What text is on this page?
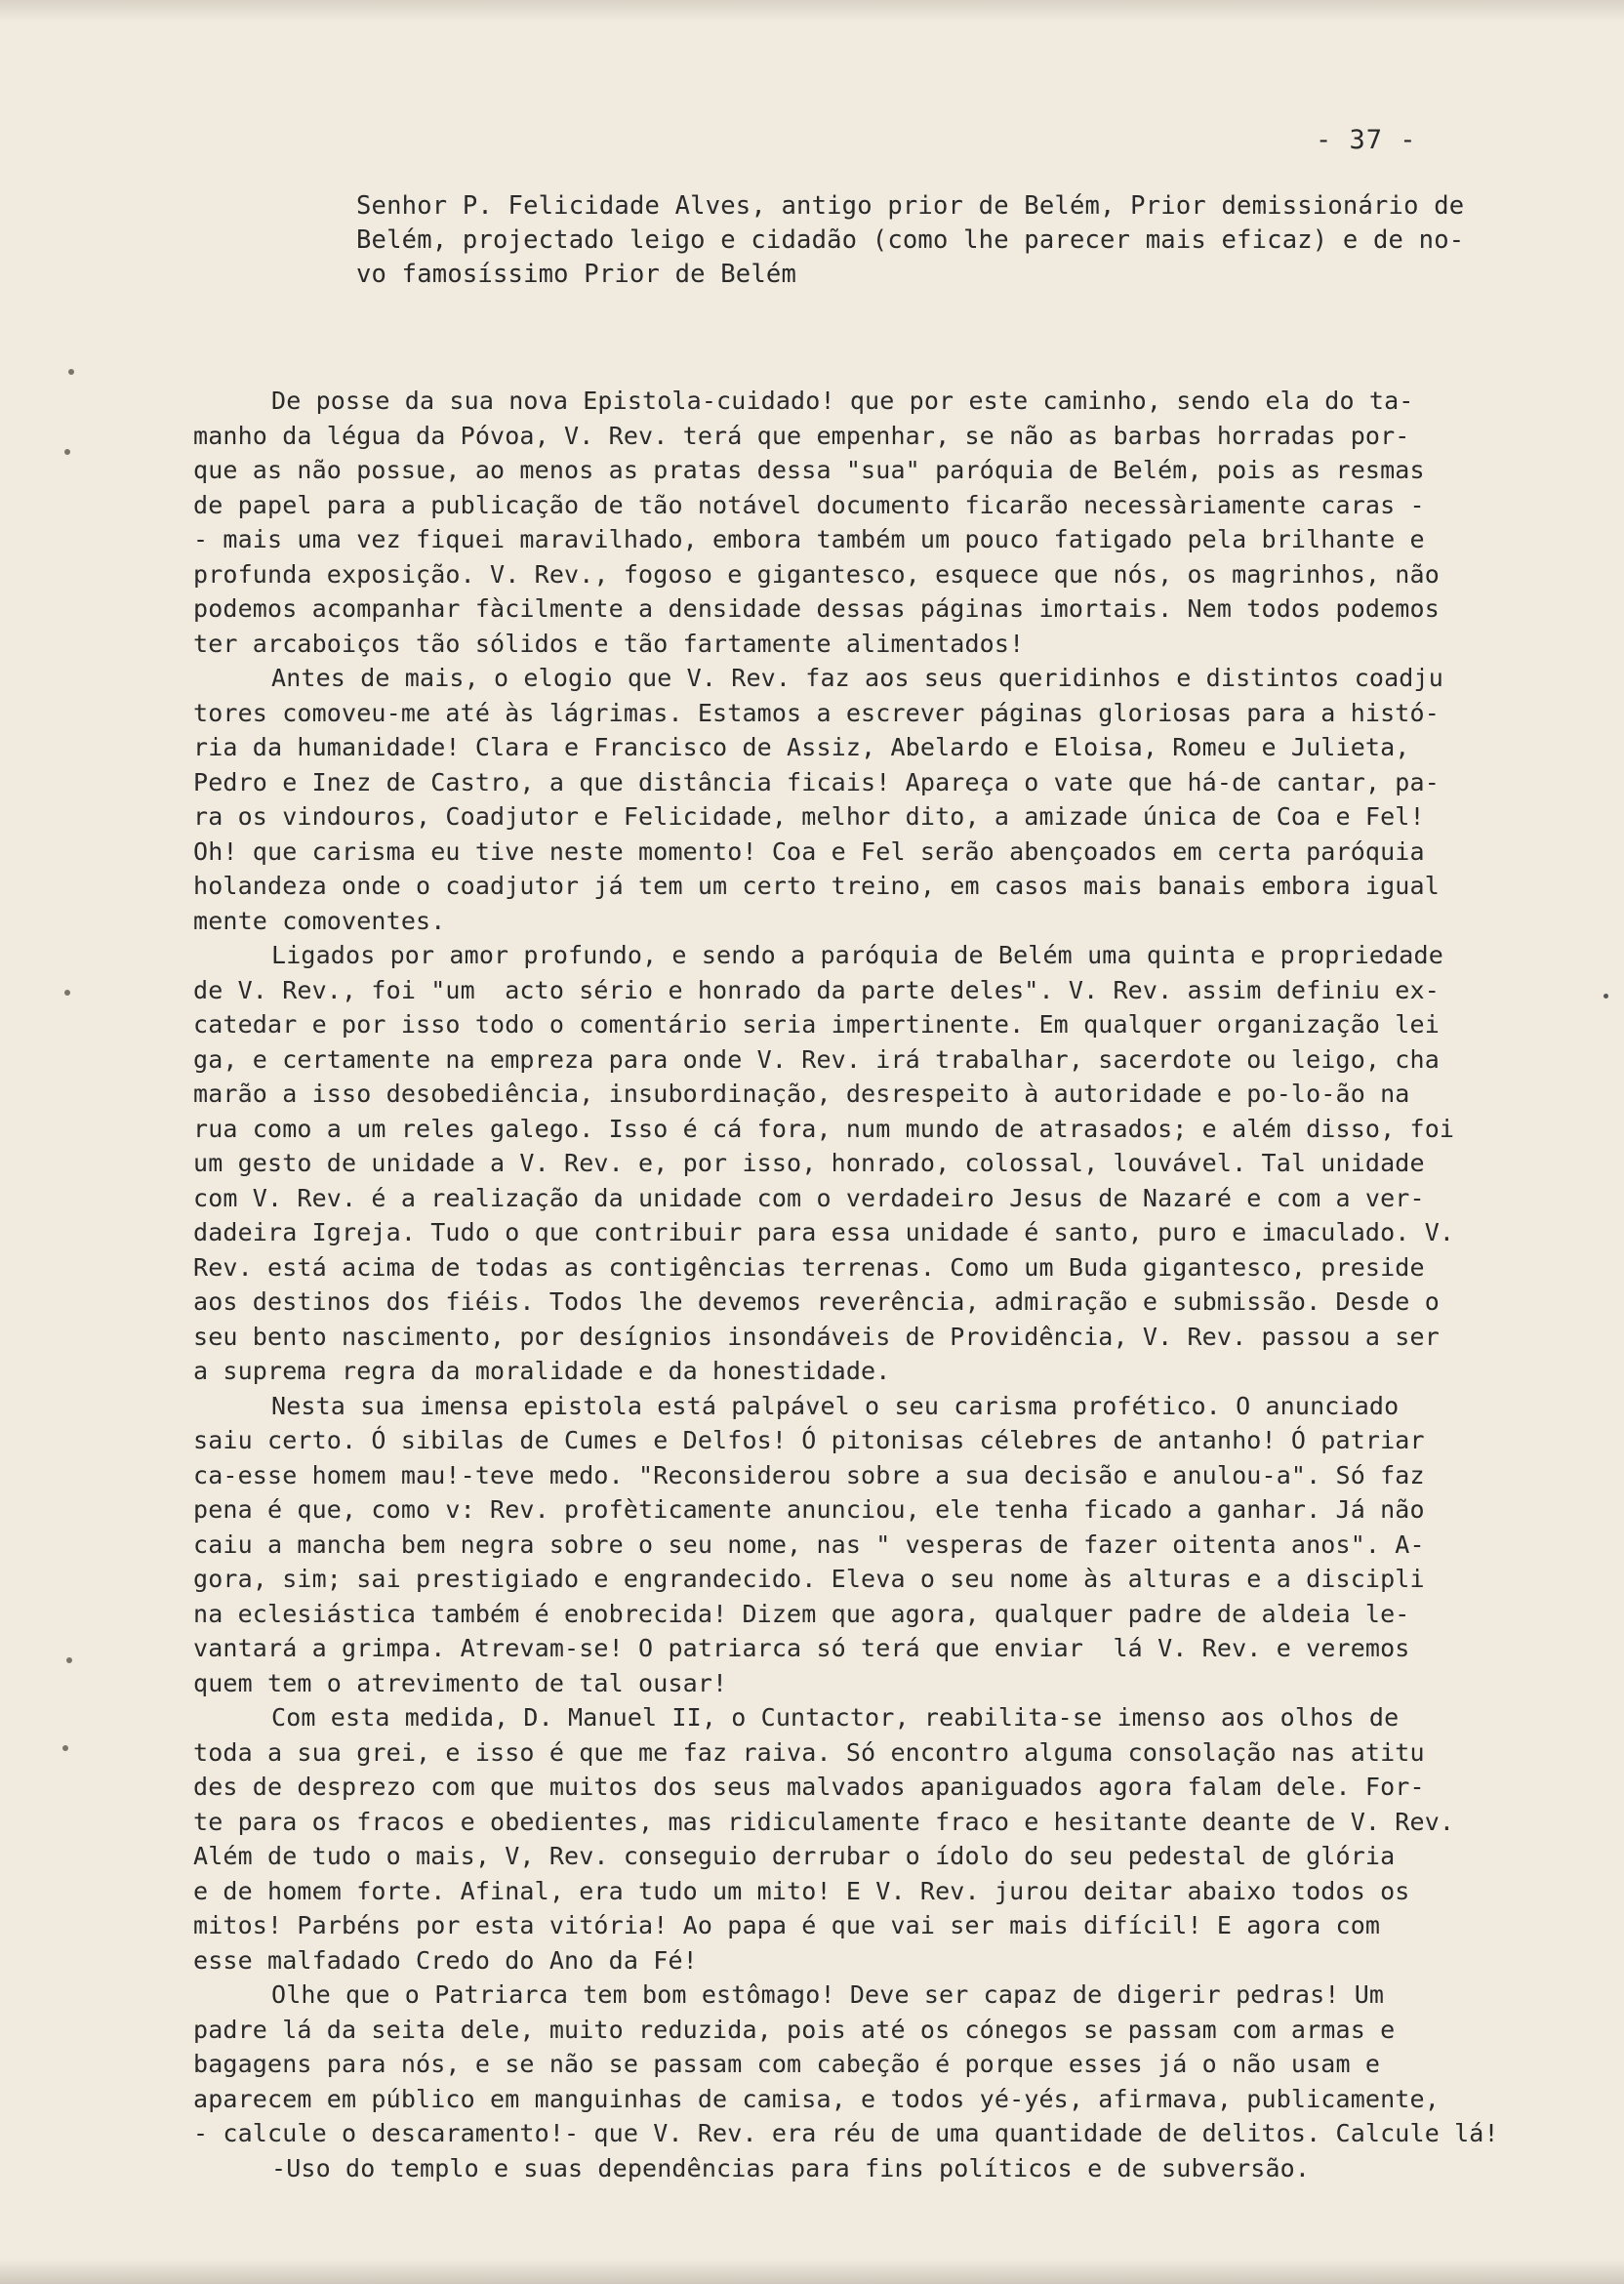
- 37 -
Senhor P. Felicidade Alves, antigo prior de Belém, Prior demissionário de
Belém, projectado leigo e cidadão (como lhe parecer mais eficaz) e de no-
vo famosíssimo Prior de Belém
De posse da sua nova Epistola-cuidado! que por este caminho, sendo ela do ta-
manho da légua da Póvoa, V. Rev. terá que empenhar, se não as barbas horradas por-
que as não possue, ao menos as pratas dessa "sua" paróquia de Belém, pois as resmas
de papel para a publicação de tão notável documento ficarão necessàriamente caras -
- mais uma vez fiquei maravilhado, embora também um pouco fatigado pela brilhante e
profunda exposição. V. Rev., fogoso e gigantesco, esquece que nós, os magrinhos, não
podemos acompanhar fàcilmente a densidade dessas páginas imortais. Nem todos podemos
ter arcaboiços tão sólidos e tão fartamente alimentados!
Antes de mais, o elogio que V. Rev. faz aos seus queridinhos e distintos coadju
tores comoveu-me até às lágrimas. Estamos a escrever páginas gloriosas para a histó-
ria da humanidade! Clara e Francisco de Assiz, Abelardo e Eloisa, Romeu e Julieta,
Pedro e Inez de Castro, a que distância ficais! Apareça o vate que há-de cantar, pa-
ra os vindouros, Coadjutor e Felicidade, melhor dito, a amizade única de Coa e Fel!
Oh! que carisma eu tive neste momento! Coa e Fel serão abençoados em certa paróquia
holandeza onde o coadjutor já tem um certo treino, em casos mais banais embora igual
mente comoventes.
Ligados por amor profundo, e sendo a paróquia de Belém uma quinta e propriedade
de V. Rev., foi "um  acto sério e honrado da parte deles". V. Rev. assim definiu ex-
catedar e por isso todo o comentário seria impertinente. Em qualquer organização lei
ga, e certamente na empreza para onde V. Rev. irá trabalhar, sacerdote ou leigo, cha
marão a isso desobediência, insubordinação, desrespeito à autoridade e po-lo-ão na
rua como a um reles galego. Isso é cá fora, num mundo de atrasados; e além disso, foi
um gesto de unidade a V. Rev. e, por isso, honrado, colossal, louvável. Tal unidade
com V. Rev. é a realização da unidade com o verdadeiro Jesus de Nazaré e com a ver-
dadeira Igreja. Tudo o que contribuir para essa unidade é santo, puro e imaculado. V.
Rev. está acima de todas as contigências terrenas. Como um Buda gigantesco, preside
aos destinos dos fiéis. Todos lhe devemos reverência, admiração e submissão. Desde o
seu bento nascimento, por desígnios insondáveis de Providência, V. Rev. passou a ser
a suprema regra da moralidade e da honestidade.
Nesta sua imensa epistola está palpável o seu carisma profético. O anunciado
saiu certo. Ó sibilas de Cumes e Delfos! Ó pitonisas célebres de antanho! Ó patriar
ca-esse homem mau!-teve medo. "Reconsiderou sobre a sua decisão e anulou-a". Só faz
pena é que, como v: Rev. profèticamente anunciou, ele tenha ficado a ganhar. Já não
caiu a mancha bem negra sobre o seu nome, nas " vesperas de fazer oitenta anos". A-
gora, sim; sai prestigiado e engrandecido. Eleva o seu nome às alturas e a discipli
na eclesiástica também é enobrecida! Dizem que agora, qualquer padre de aldeia le-
vantará a grimpa. Atrevam-se! O patriarca só terá que enviar  lá V. Rev. e veremos
quem tem o atrevimento de tal ousar!
Com esta medida, D. Manuel II, o Cuntactor, reabilita-se imenso aos olhos de
toda a sua grei, e isso é que me faz raiva. Só encontro alguma consolação nas atitu
des de desprezo com que muitos dos seus malvados apaniguados agora falam dele. For-
te para os fracos e obedientes, mas ridiculamente fraco e hesitante deante de V. Rev.
Além de tudo o mais, V, Rev. conseguio derrubar o ídolo do seu pedestal de glória
e de homem forte. Afinal, era tudo um mito! E V. Rev. jurou deitar abaixo todos os
mitos! Parbéns por esta vitória! Ao papa é que vai ser mais difícil! E agora com
esse malfadado Credo do Ano da Fé!
Olhe que o Patriarca tem bom estômago! Deve ser capaz de digerir pedras! Um
padre lá da seita dele, muito reduzida, pois até os cónegos se passam com armas e
bagagens para nós, e se não se passam com cabeção é porque esses já o não usam e
aparecem em público em manguinhas de camisa, e todos yé-yés, afirmava, publicamente,
- calcule o descaramento!- que V. Rev. era réu de uma quantidade de delitos. Calcule lá!
-Uso do templo e suas dependências para fins políticos e de subversão.
